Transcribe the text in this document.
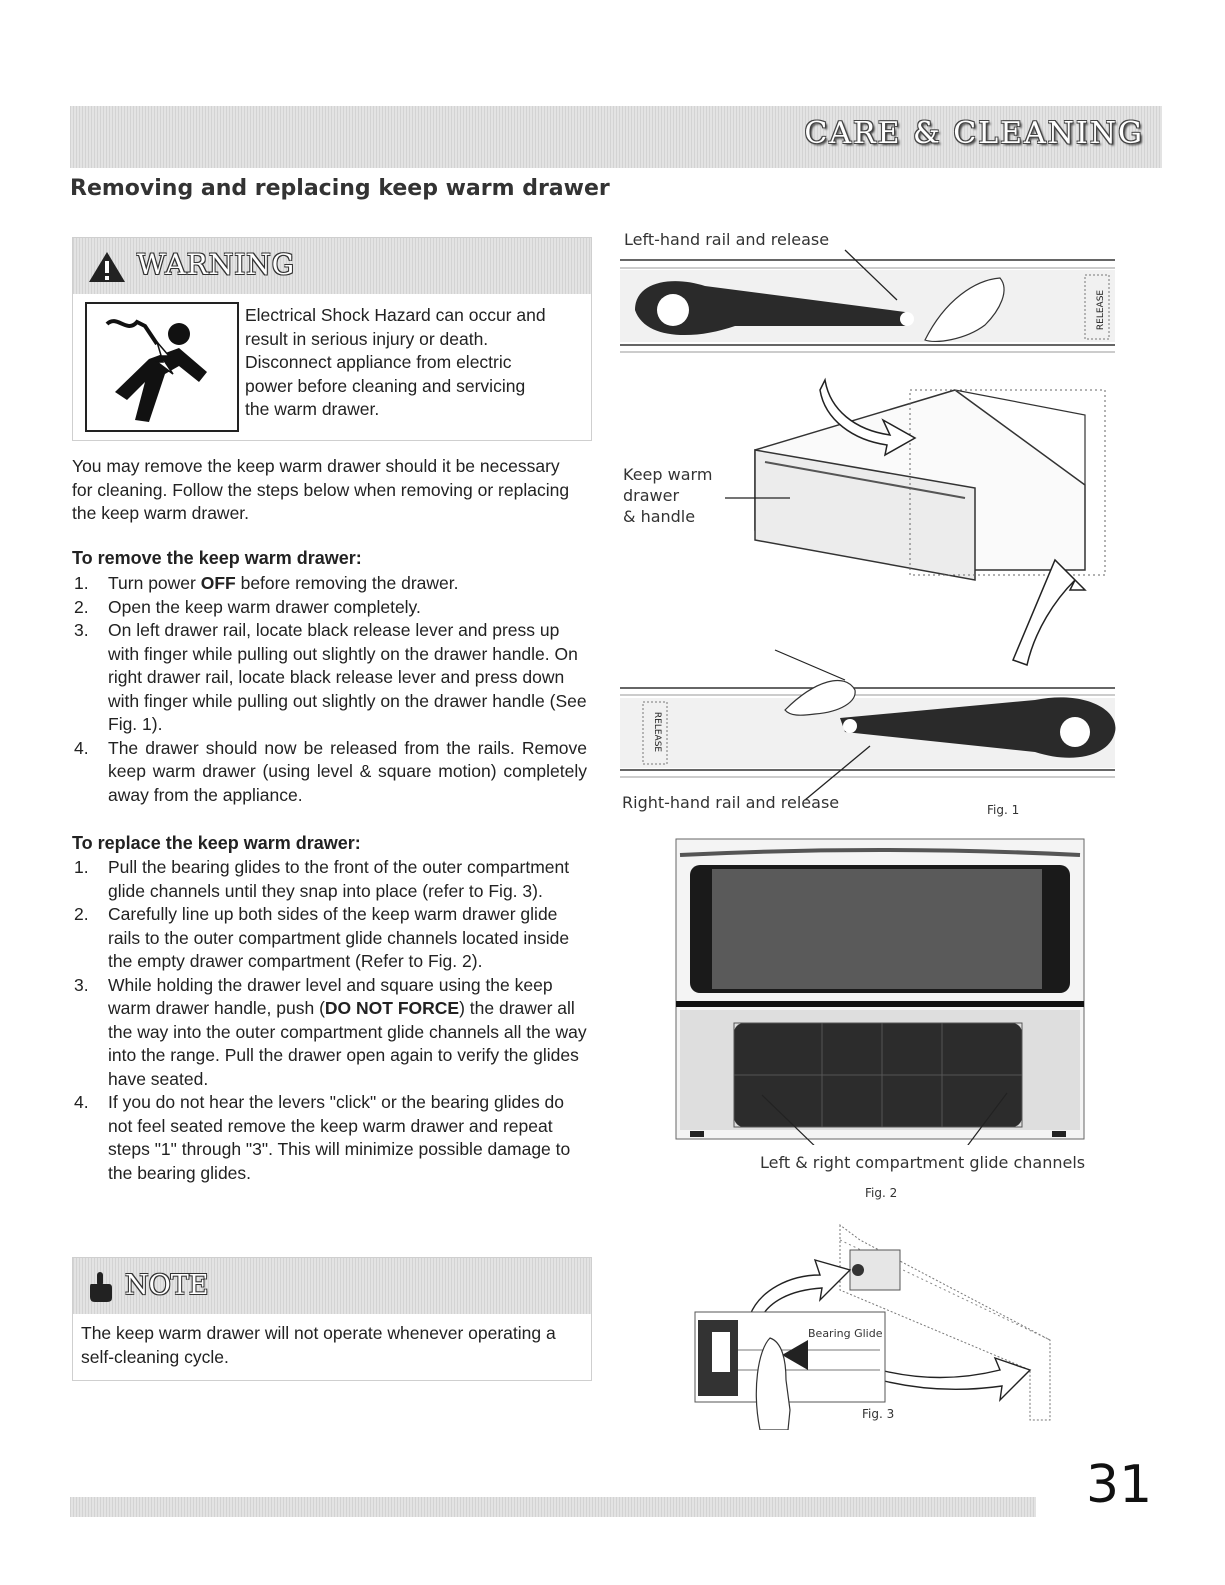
CARE & CLEANING
Removing and replacing keep warm drawer
WARNING
Electrical Shock Hazard can occur and
result in serious injury or death.
Disconnect appliance from electric
power before cleaning and servicing
the warm drawer.
You may remove the keep warm drawer should it be necessary for cleaning. Follow the steps below when removing or replacing the keep warm drawer.
To remove the keep warm drawer:
1. Turn power OFF before removing the drawer.
2. Open the keep warm drawer completely.
3. On left drawer rail, locate black release lever and press up with finger while pulling out slightly on the drawer handle. On right drawer rail, locate black release lever and press down with finger while pulling out slightly on the drawer handle (See Fig. 1).
4. The drawer should now be released from the rails. Remove keep warm drawer (using level & square motion) completely away from the appliance.
To replace the keep warm drawer:
1. Pull the bearing glides to the front of the outer compartment glide channels until they snap into place (refer to Fig. 3).
2. Carefully line up both sides of the keep warm drawer glide rails to the outer compartment glide channels located inside the empty drawer compartment (Refer to Fig. 2).
3. While holding the drawer level and square using the keep warm drawer handle, push (DO NOT FORCE) the drawer all the way into the outer compartment glide channels all the way into the range. Pull the drawer open again to verify the glides have seated.
4. If you do not hear the levers "click" or the bearing glides do not feel seated remove the keep warm drawer and repeat steps "1" through "3". This will minimize possible damage to the bearing glides.
NOTE
The keep warm drawer will not operate whenever operating a self-cleaning cycle.
RELEASE
RELEASE
Left-hand rail and release
Keep warm
drawer
& handle
Right-hand rail and release	Fig. 1
Left & right compartment glide channels
Fig. 2
Bearing Glide
Fig. 3
31
